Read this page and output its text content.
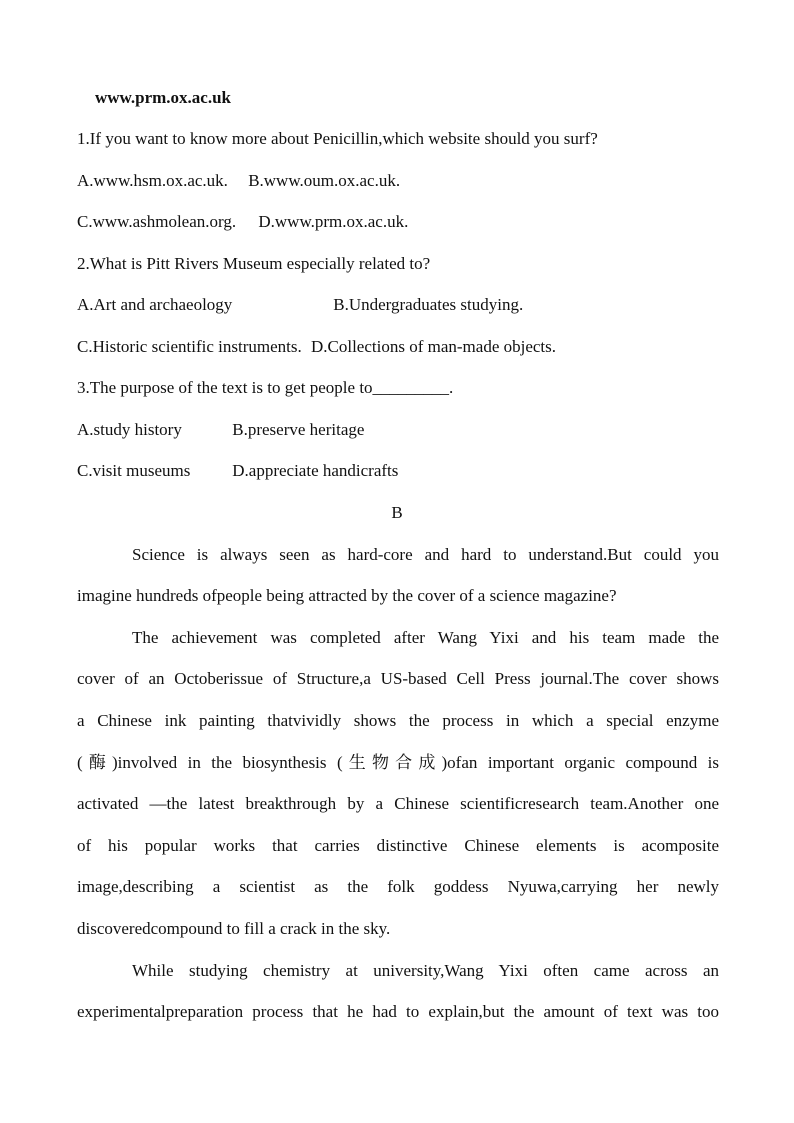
www.prm.ox.ac.uk
1.If you want to know more about Penicillin,which website should you surf?
A.www.hsm.ox.ac.uk. B.www.oum.ox.ac.uk.
C.www.ashmolean.org. D.www.prm.ox.ac.uk.
2.What is Pitt Rivers Museum especially related to?
A.Art and archaeology	B.Undergraduates studying.
C.Historic scientific instruments. D.Collections of man-made objects.
3.The purpose of the text is to get people to_________.
A.study history	B.preserve heritage
C.visit museums D.appreciate handicrafts
B
Science is always seen as hard-core and hard to understand.But could you
imagine hundreds ofpeople being attracted by the cover of a science magazine?
The achievement was completed after Wang Yixi and his team made the
cover of an Octoberissue of Structure,a US-based Cell Press journal.The cover shows
a Chinese ink painting thatvividly shows the process in which a special enzyme
(酶)involved in the biosynthesis (生物合成)ofan important organic compound is
activated —the latest breakthrough by a Chinese scientificresearch team.Another one
of his popular works that carries distinctive Chinese elements is acomposite
image,describing a scientist as the folk goddess Nyuwa,carrying her newly
discoveredcompound to fill a crack in the sky.
While studying chemistry at university,Wang Yixi often came across an
experimentalpreparation process that he had to explain,but the amount of text was too
